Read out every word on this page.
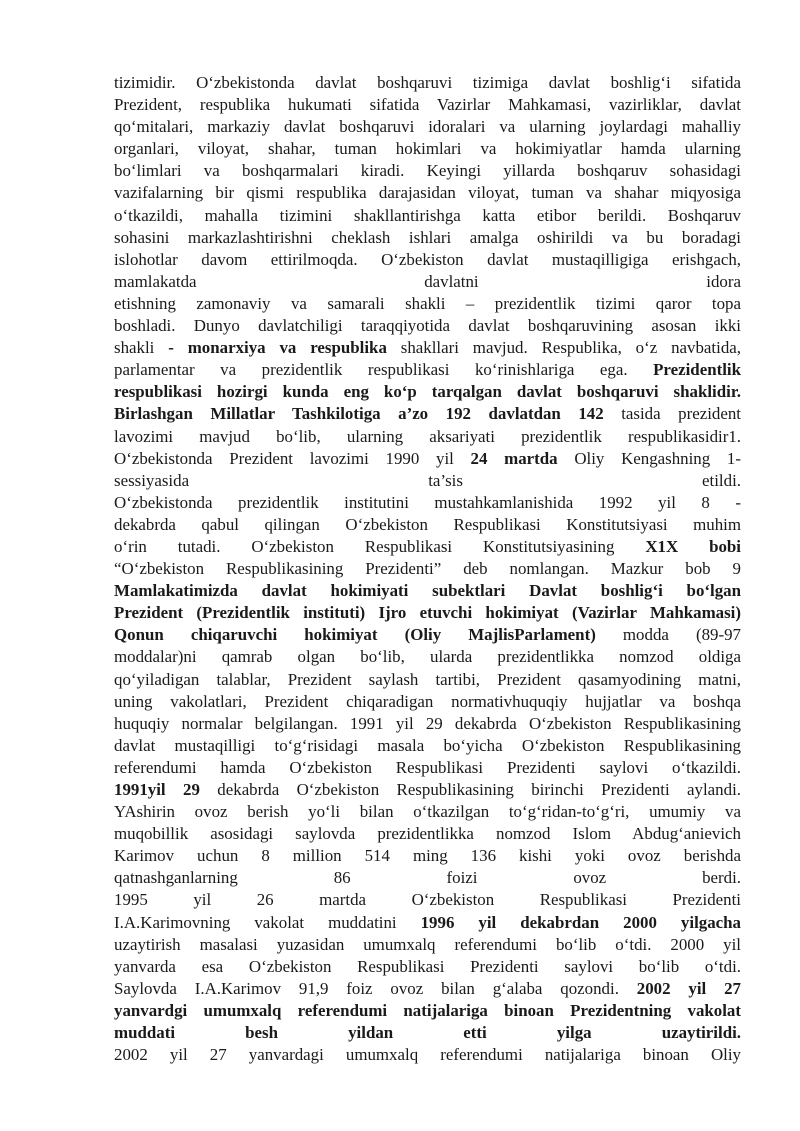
tizimidir. O‘zbekistonda davlat boshqaruvi tizimiga davlat boshlig‘i sifatida
Prezident, respublika hukumati sifatida Vazirlar Mahkamasi, vazirliklar, davlat
qo‘mitalari, markaziy davlat boshqaruvi idoralari va ularning joylardagi mahalliy
organlari, viloyat, shahar, tuman hokimlari va hokimiyatlar hamda ularning
bo‘limlari va boshqarmalari kiradi. Keyingi yillarda boshqaruv sohasidagi
vazifalarning bir qismi respublika darajasidan viloyat, tuman va shahar miqyosiga
o‘tkazildi, mahalla tizimini shakllantirishga katta etibor berildi. Boshqaruv
sohasini markazlashtirishni cheklash ishlari amalga oshirildi va bu boradagi
islohotlar davom ettirilmoqda. O‘zbekiston davlat mustaqilligiga erishgach,
mamlakatda davlatni idora
etishning zamonaviy va samarali shakli – prezidentlik tizimi qaror topa
boshladi. Dunyo davlatchiligi taraqqiyotida davlat boshqaruvining asosan ikki
shakli - monarxiya va respublika shakllari mavjud. Respublika, o‘z navbatida,
parlamentar va prezidentlik respublikasi ko‘rinishlariga ega. Prezidentlik
respublikasi hozirgi kunda eng ko‘p tarqalgan davlat boshqaruvi shaklidir.
Birlashgan Millatlar Tashkilotiga a’zo 192 davlatdan 142 tasida prezident
lavozimi mavjud bo‘lib, ularning aksariyati prezidentlik respublikasidir1.
O‘zbekistonda Prezident lavozimi 1990 yil 24 martda Oliy Kengashning 1-
sessiyasida ta’sis etildi.
O‘zbekistonda prezidentlik institutini mustahkamlanishida 1992 yil 8 -
dekabrda qabul qilingan O‘zbekiston Respublikasi Konstitutsiyasi muhim
o‘rin tutadi. O‘zbekiston Respublikasi Konstitutsiyasining X1X bobi
“O‘zbekiston Respublikasining Prezidenti” deb nomlangan. Mazkur bob 9
Mamlakatimizda davlat hokimiyati subektlari Davlat boshlig‘i bo‘lgan
Prezident (Prezidentlik instituti) Ijro etuvchi hokimiyat (Vazirlar Mahkamasi)
Qonun chiqaruvchi hokimiyat (Oliy MajlisParlament) modda (89-97
moddalar)ni qamrab olgan bo‘lib, ularda prezidentlikka nomzod oldiga
qo‘yiladigan talablar, Prezident saylash tartibi, Prezident qasamyodining matni,
uning vakolatlari, Prezident chiqaradigan normativhuquqiy hujjatlar va boshqa
huquqiy normalar belgilangan. 1991 yil 29 dekabrda O‘zbekiston Respublikasining
davlat mustaqilligi to‘g‘risidagi masala bo‘yicha O‘zbekiston Respublikasining
referendumi hamda O‘zbekiston Respublikasi Prezidenti saylovi o‘tkazildi.
1991yil 29 dekabrda O‘zbekiston Respublikasining birinchi Prezidenti aylandi.
YAshirin ovoz berish yo‘li bilan o‘tkazilgan to‘g‘ridan-to‘g‘ri, umumiy va
muqobillik asosidagi saylovda prezidentlikka nomzod Islom Abdug‘anievich
Karimov uchun 8 million 514 ming 136 kishi yoki ovoz berishda
qatnashganlarning 86 foizi ovoz berdi.
1995 yil 26 martda O‘zbekiston Respublikasi Prezidenti
I.A.Karimovning vakolat muddatini 1996 yil dekabrdan 2000 yilgacha
uzaytirish masalasi yuzasidan umumxalq referendumi bo‘lib o‘tdi. 2000 yil
yanvarda esa O‘zbekiston Respublikasi Prezidenti saylovi bo‘lib o‘tdi.
Saylovda I.A.Karimov 91,9 foiz ovoz bilan g‘alaba qozondi. 2002 yil 27
yanvardgi umumxalq referendumi natijalariga binoan Prezidentning vakolat
muddati besh yildan etti yilga uzaytirildi.
2002 yil 27 yanvardagi umumxalq referendumi natijalariga binoan Oliy
